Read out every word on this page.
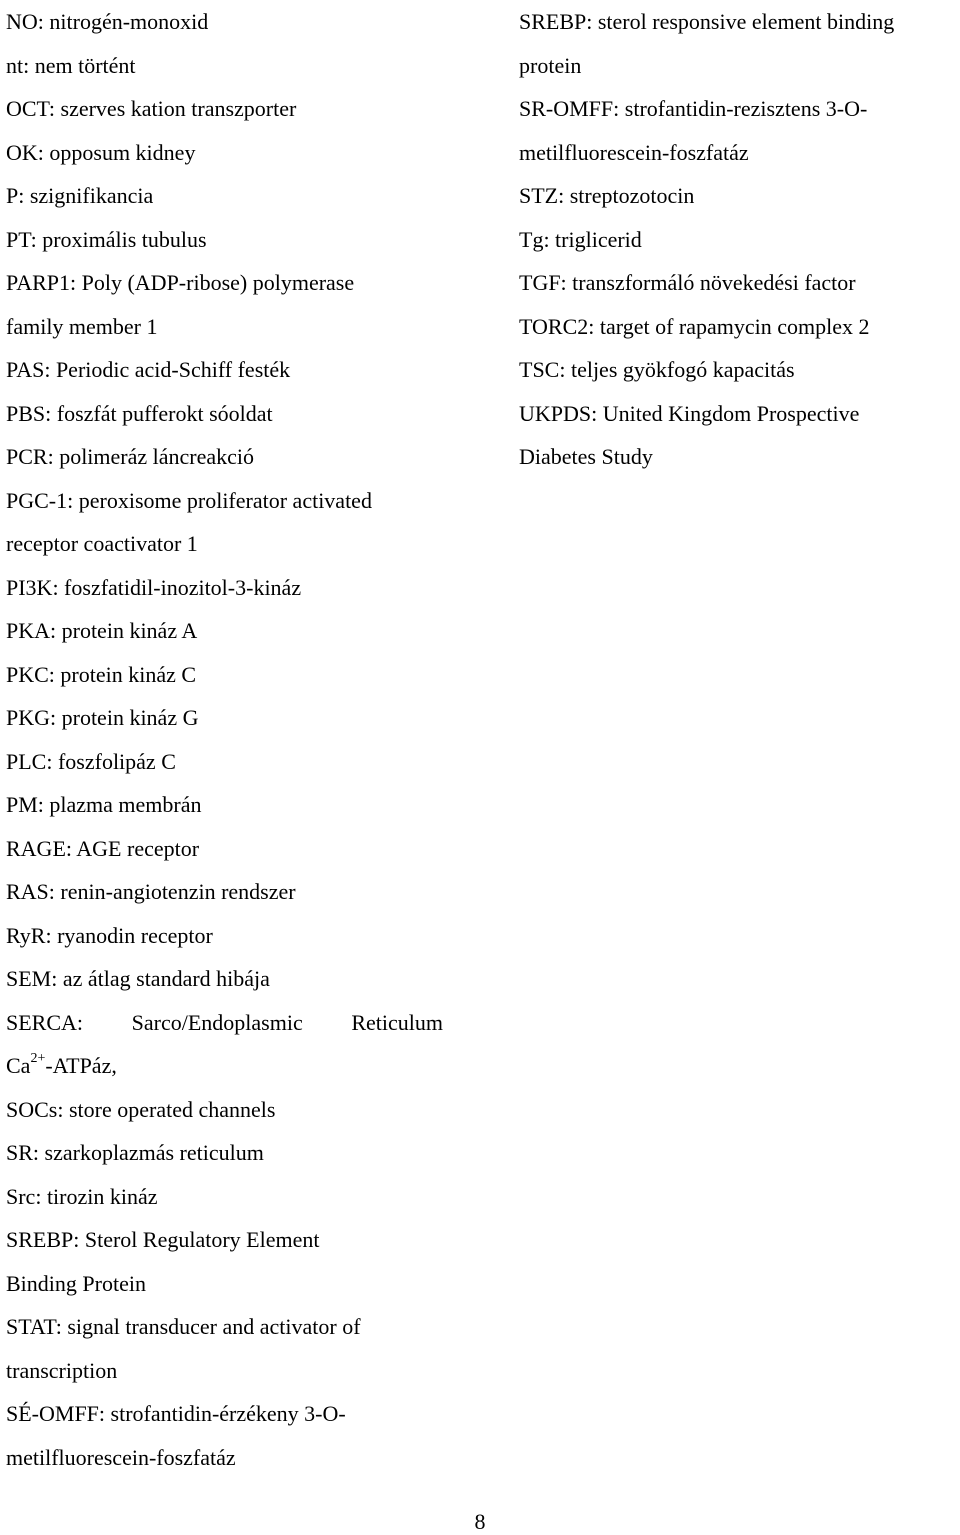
NO: nitrogén-monoxid
nt: nem történt
OCT: szerves kation transzporter
OK: opposum kidney
P: szignifikancia
PT: proximális tubulus
PARP1: Poly (ADP-ribose) polymerase
family member 1
PAS: Periodic acid-Schiff festék
PBS: foszfát pufferokt sóoldat
PCR: polimeráz láncreakció
PGC-1: peroxisome proliferator activated
receptor coactivator 1
PI3K: foszfatidil-inozitol-3-kináz
PKA: protein kináz A
PKC: protein kináz C
PKG: protein kináz G
PLC: foszfolipáz C
PM: plazma membrán
RAGE: AGE receptor
RAS: renin-angiotenzin rendszer
RyR: ryanodin receptor
SEM: az átlag standard hibája
SERCA: Sarco/Endoplasmic Reticulum
$Ca^{2+}$-ATPáz,
SOCs: store operated channels
SR: szarkoplazmás reticulum
Src: tirozin kináz
SREBP: Sterol Regulatory Element
Binding Protein
STAT: signal transducer and activator of
transcription
SÉ-OMFF: strofantidin-érzékeny 3-O-
metilfluorescein-foszfatáz
SREBP: sterol responsive element binding
protein
SR-OMFF: strofantidin-rezisztens 3-O-
metilfluorescein-foszfatáz
STZ: streptozotocin
Tg: triglicerid
TGF: transzformáló növekedési factor
TORC2: target of rapamycin complex 2
TSC: teljes gyökfogó kapacitás
UKPDS: United Kingdom Prospective
Diabetes Study
8
